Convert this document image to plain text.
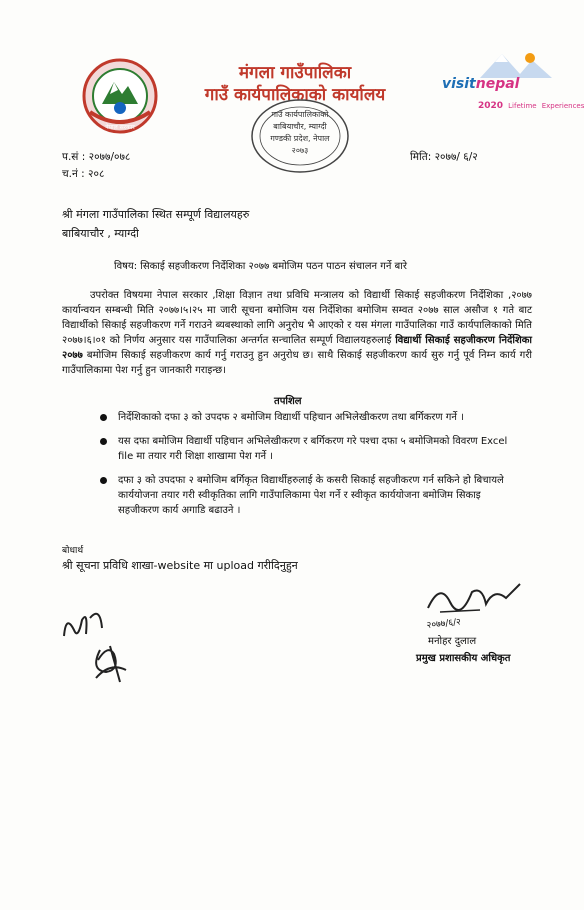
नेपाल सरकार
मंगला गाउँपालिका
गाउँ कार्यपालिकाको कार्यालय
गाउँ कार्यपालिकाको
बाबियाचौर, म्याग्दी
गण्डकी प्रदेश, नेपाल
२०७३
visitnepal
2020 Lifetime Experiences
प.सं : २०७७/०७८
च.नं : २०८
मिति: २०७७/ ६/२
श्री मंगला गाउँपालिका स्थित सम्पूर्ण विद्यालयहरु
बाबियाचौर , म्याग्दी
विषय: सिकाई सहजीकरण निर्देशिका २०७७ बमोजिम पठन पाठन संचालन गर्ने बारे
उपरोक्त विषयमा नेपाल सरकार ,शिक्षा विज्ञान तथा प्रविधि मन्त्रालय को विद्यार्थी सिकाई सहजीकरण निर्देशिका ,२०७७ कार्यान्वयन सम्बन्धी मिति २०७७।५।२५ मा जारी सूचना बमोजिम यस निर्देशिका बमोजिम सम्वत २०७७ साल असौज १ गते बाट विद्यार्थीको सिकाई सहजीकरण गर्ने गराउने ब्यबस्थाको लागि अनुरोध भै आएको र यस मंगला गाउँपालिका गाउँ कार्यपालिकाको मिति २०७७।६।०१ को निर्णय अनुसार यस गाउँपालिका अन्तर्गत सन्चालित सम्पूर्ण विद्यालयहरुलाई विद्यार्थी सिकाई सहजीकरण निर्देशिका २०७७ बमोजिम सिकाई सहजीकरण कार्य गर्नु गराउनु हुन अनुरोध छ। साथै सिकाई सहजीकरण कार्य सुरु गर्नु पूर्व निम्न कार्य गरी गाउँपालिकामा पेश गर्नु हुन जानकारी गराइन्छ।
तपशिल
निर्देशिकाको दफा ३ को उपदफ २ बमोजिम विद्यार्थी पहिचान अभिलेखीकरण तथा बर्गिकरण गर्ने ।
यस दफा बमोजिम विद्यार्थी पहिचान अभिलेखीकरण र बर्गिकरण गरे पश्चा दफा ५ बमोजिमको विवरण Excel file मा तयार गरी शिक्षा शाखामा पेश गर्ने ।
दफा ३ को उपदफा २ बमोजिम बर्गिकृत विद्यार्थीहरुलाई के कसरी सिकाई सहजीकरण गर्न सकिने हो बिचायले कार्ययोजना तयार गरी स्वीकृतिका लागि गाउँपालिकामा पेश गर्ने र स्वीकृत कार्ययोजना बमोजिम सिकाइ सहजीकरण कार्य अगाडि बढाउने ।
बोधार्थ
श्री सूचना प्रविधि शाखा-website मा upload गरीदिनुहुन
२०७७/६/२
मनोहर दुलाल
प्रमुख प्रशासकीय अधिकृत
